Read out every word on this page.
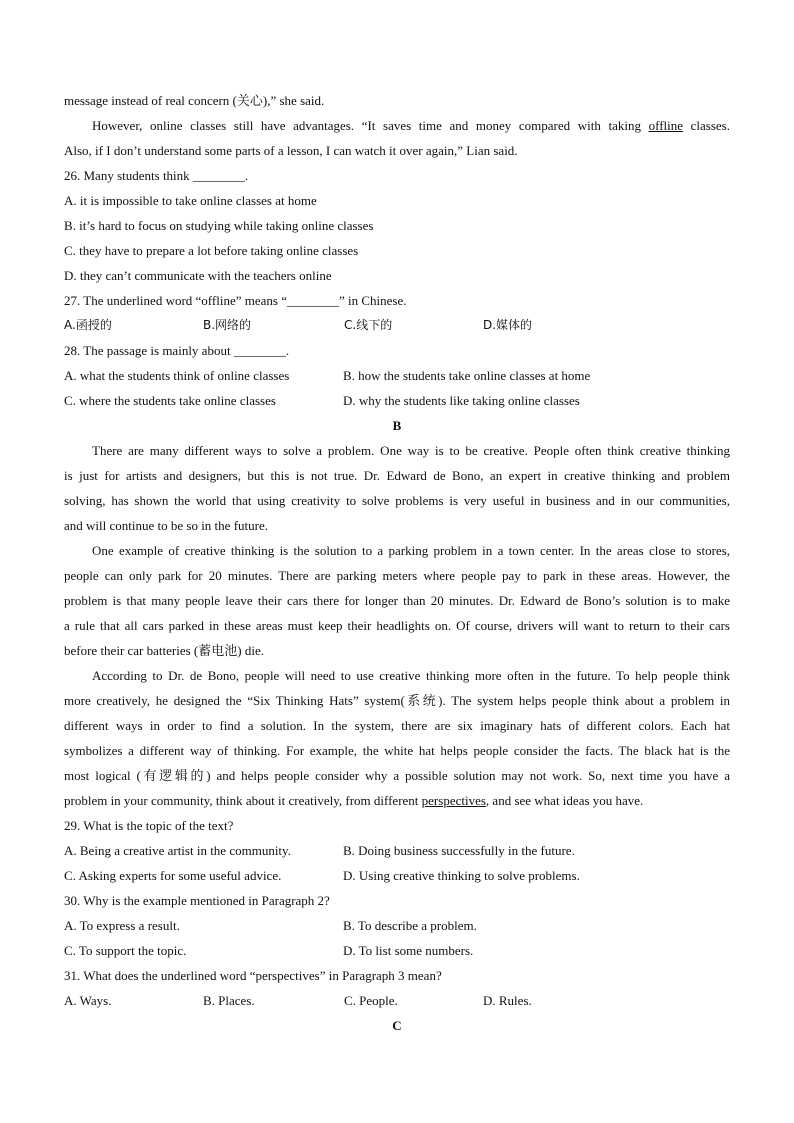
message instead of real concern (关心),” she said.
However, online classes still have advantages. “It saves time and money compared with taking offline classes.
Also, if I don’t understand some parts of a lesson, I can watch it over again,” Lian said.
26. Many students think ________.
A. it is impossible to take online classes at home
B. it’s hard to focus on studying while taking online classes
C. they have to prepare a lot before taking online classes
D. they can’t communicate with the teachers online
27. The underlined word “offline” means “________” in Chinese.
A.函授的	B.网络的	C.线下的	D.媒体的
28. The passage is mainly about ________.
A. what the students think of online classes	B. how the students take online classes at home
C. where the students take online classes	D. why the students like taking online classes
B
There are many different ways to solve a problem. One way is to be creative. People often think creative thinking
is just for artists and designers, but this is not true. Dr. Edward de Bono, an expert in creative thinking and problem
solving, has shown the world that using creativity to solve problems is very useful in business and in our communities,
and will continue to be so in the future.
One example of creative thinking is the solution to a parking problem in a town center. In the areas close to stores,
people can only park for 20 minutes. There are parking meters where people pay to park in these areas. However, the
problem is that many people leave their cars there for longer than 20 minutes. Dr. Edward de Bono’s solution is to make
a rule that all cars parked in these areas must keep their headlights on. Of course, drivers will want to return to their cars
before their car batteries (蓄电池) die.
According to Dr. de Bono, people will need to use creative thinking more often in the future. To help people think
more creatively, he designed the “Six Thinking Hats” system(系统). The system helps people think about a problem in
different ways in order to find a solution. In the system, there are six imaginary hats of different colors. Each hat
symbolizes a different way of thinking. For example, the white hat helps people consider the facts. The black hat is the
most logical (有逻辑的) and helps people consider why a possible solution may not work. So, next time you have a
problem in your community, think about it creatively, from different perspectives, and see what ideas you have.
29. What is the topic of the text?
A. Being a creative artist in the community.	B. Doing business successfully in the future.
C. Asking experts for some useful advice.	D. Using creative thinking to solve problems.
30. Why is the example mentioned in Paragraph 2?
A. To express a result.	B. To describe a problem.
C. To support the topic.	D. To list some numbers.
31. What does the underlined word “perspectives” in Paragraph 3 mean?
A. Ways.	B. Places.	C. People.	D. Rules.
C
